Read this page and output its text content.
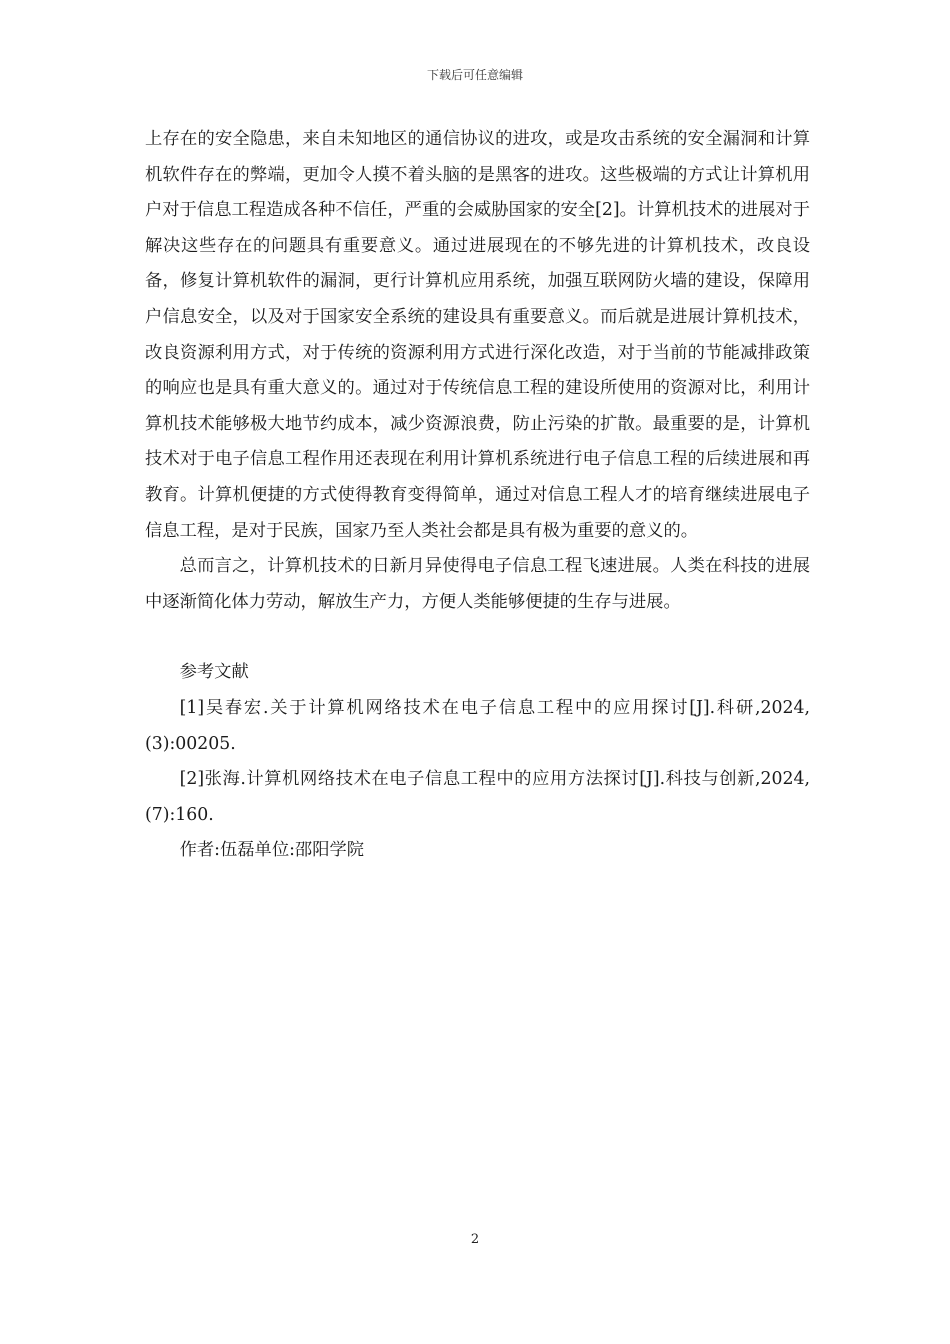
下载后可任意编辑

上存在的安全隐患，来自未知地区的通信协议的进攻，或是攻击系统的安全漏洞和计算机软件存在的弊端，更加令人摸不着头脑的是黑客的进攻。这些极端的方式让计算机用户对于信息工程造成各种不信任，严重的会威胁国家的安全[2]。计算机技术的进展对于解决这些存在的问题具有重要意义。通过进展现在的不够先进的计算机技术，改良设备，修复计算机软件的漏洞，更行计算机应用系统，加强互联网防火墙的建设，保障用户信息安全，以及对于国家安全系统的建设具有重要意义。而后就是进展计算机技术，改良资源利用方式，对于传统的资源利用方式进行深化改造，对于当前的节能减排政策的响应也是具有重大意义的。通过对于传统信息工程的建设所使用的资源对比，利用计算机技术能够极大地节约成本，减少资源浪费，防止污染的扩散。最重要的是，计算机技术对于电子信息工程作用还表现在利用计算机系统进行电子信息工程的后续进展和再教育。计算机便捷的方式使得教育变得简单，通过对信息工程人才的培育继续进展电子信息工程，是对于民族，国家乃至人类社会都是具有极为重要的意义的。

总而言之，计算机技术的日新月异使得电子信息工程飞速进展。人类在科技的进展中逐渐简化体力劳动，解放生产力，方便人类能够便捷的生存与进展。

参考文献

[1]吴春宏.关于计算机网络技术在电子信息工程中的应用探讨[J].科研,2024,(3):00205.

[2]张海.计算机网络技术在电子信息工程中的应用方法探讨[J].科技与创新,2024,(7):160.

作者:伍磊单位:邵阳学院

2
